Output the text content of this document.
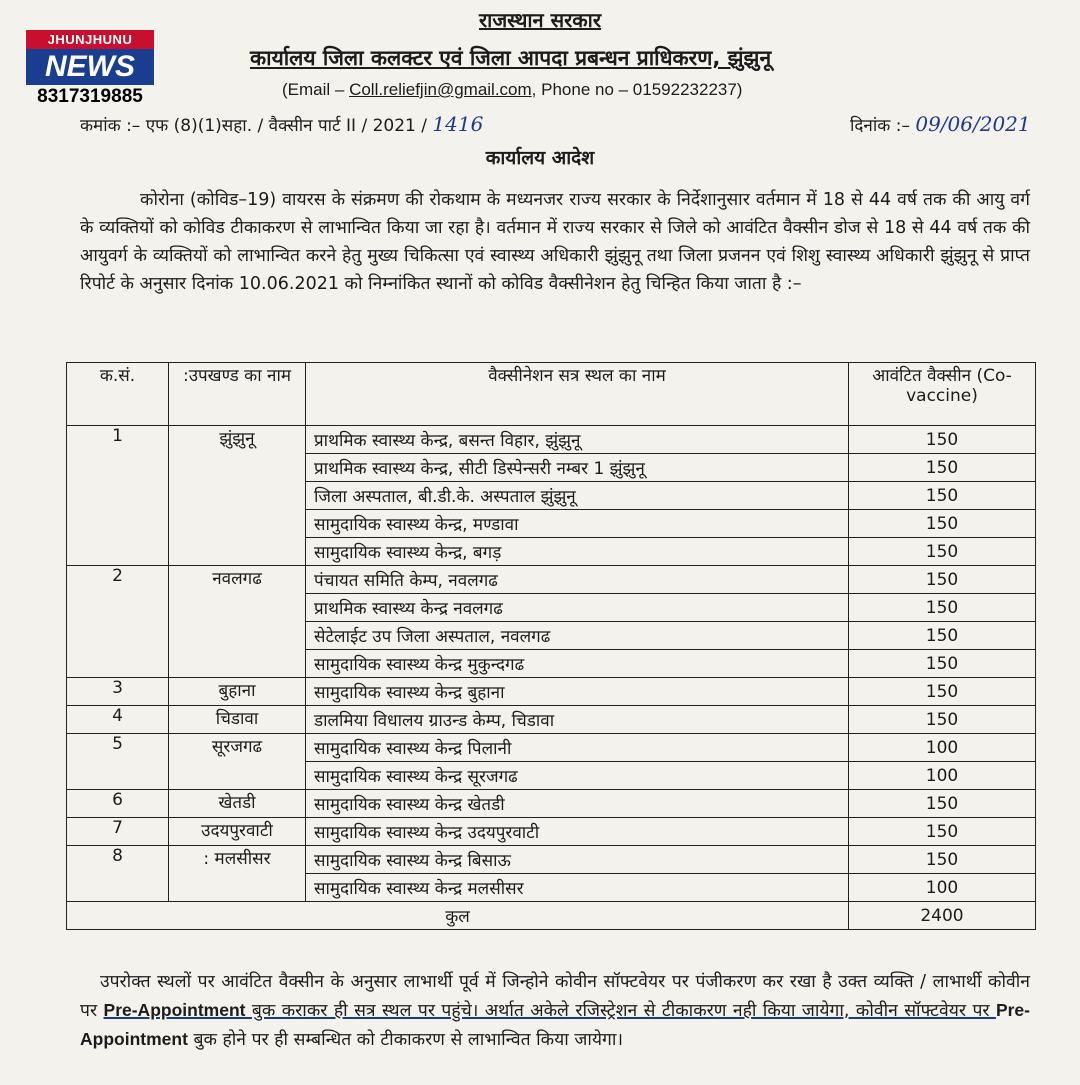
JHUNJHUNU
NEWS
8317319885
राजस्थान सरकार
कार्यालय जिला कलक्टर एवं जिला आपदा प्रबन्धन प्राधिकरण, झुंझुनू
(Email – Coll.reliefjin@gmail.com, Phone no – 01592232237)
कमांक :– एफ (8)(1)सहा. / वैक्सीन पार्ट II / 2021 / 1416	दिनांक :– 09/06/2021
कार्यालय आदेश
कोरोना (कोविड–19) वायरस के संक्रमण की रोकथाम के मध्यनजर राज्य सरकार के निर्देशानुसार वर्तमान में 18 से 44 वर्ष तक की आयु वर्ग के व्यक्तियों को कोविड टीकाकरण से लाभान्वित किया जा रहा है। वर्तमान में राज्य सरकार से जिले को आवंटित वैक्सीन डोज से 18 से 44 वर्ष तक की आयुवर्ग के व्यक्तियों को लाभान्वित करने हेतु मुख्य चिकित्सा एवं स्वास्थ्य अधिकारी झुंझुनू तथा जिला प्रजनन एवं शिशु स्वास्थ्य अधिकारी झुंझुनू से प्राप्त रिपोर्ट के अनुसार दिनांक 10.06.2021 को निम्नांकित स्थानों को कोविड वैक्सीनेशन हेतु चिन्हित किया जाता है :–
क.सं.	:उपखण्ड का नाम	वैक्सीनेशन सत्र स्थल का नाम	आवंटित वैक्सीन (Co-vaccine)
1	झुंझुनू	प्राथमिक स्वास्थ्य केन्द्र, बसन्त विहार, झुंझुनू	150
		प्राथमिक स्वास्थ्य केन्द्र, सीटी डिस्पेन्सरी नम्बर 1 झुंझुनू	150
		जिला अस्पताल, बी.डी.के. अस्पताल झुंझुनू	150
		सामुदायिक स्वास्थ्य केन्द्र, मण्डावा	150
		सामुदायिक स्वास्थ्य केन्द्र, बगड़	150
2	नवलगढ	पंचायत समिति केम्प, नवलगढ	150
		प्राथमिक स्वास्थ्य केन्द्र नवलगढ	150
		सेटेलाईट उप जिला अस्पताल, नवलगढ	150
		सामुदायिक स्वास्थ्य केन्द्र मुकुन्दगढ	150
3	बुहाना	सामुदायिक स्वास्थ्य केन्द्र बुहाना	150
4	चिडावा	डालमिया विधालय ग्राउन्ड केम्प, चिडावा	150
5	सूरजगढ	सामुदायिक स्वास्थ्य केन्द्र पिलानी	100
		सामुदायिक स्वास्थ्य केन्द्र सूरजगढ	100
6	खेतडी	सामुदायिक स्वास्थ्य केन्द्र खेतडी	150
7	उदयपुरवाटी	सामुदायिक स्वास्थ्य केन्द्र उदयपुरवाटी	150
8	: मलसीसर	सामुदायिक स्वास्थ्य केन्द्र बिसाऊ	150
		सामुदायिक स्वास्थ्य केन्द्र मलसीसर	100
कुल			2400
उपरोक्त स्थलों पर आवंटित वैक्सीन के अनुसार लाभार्थी पूर्व में जिन्होने कोवीन सॉफ्टवेयर पर पंजीकरण कर रखा है उक्त व्यक्ति / लाभार्थी कोवीन पर Pre-Appointment बुक कराकर ही सत्र स्थल पर पहुंचे। अर्थात अकेले रजिस्ट्रेशन से टीकाकरण नही किया जायेगा, कोवीन सॉफ्टवेयर पर Pre-Appointment बुक होने पर ही सम्बन्धित को टीकाकरण से लाभान्वित किया जायेगा।
